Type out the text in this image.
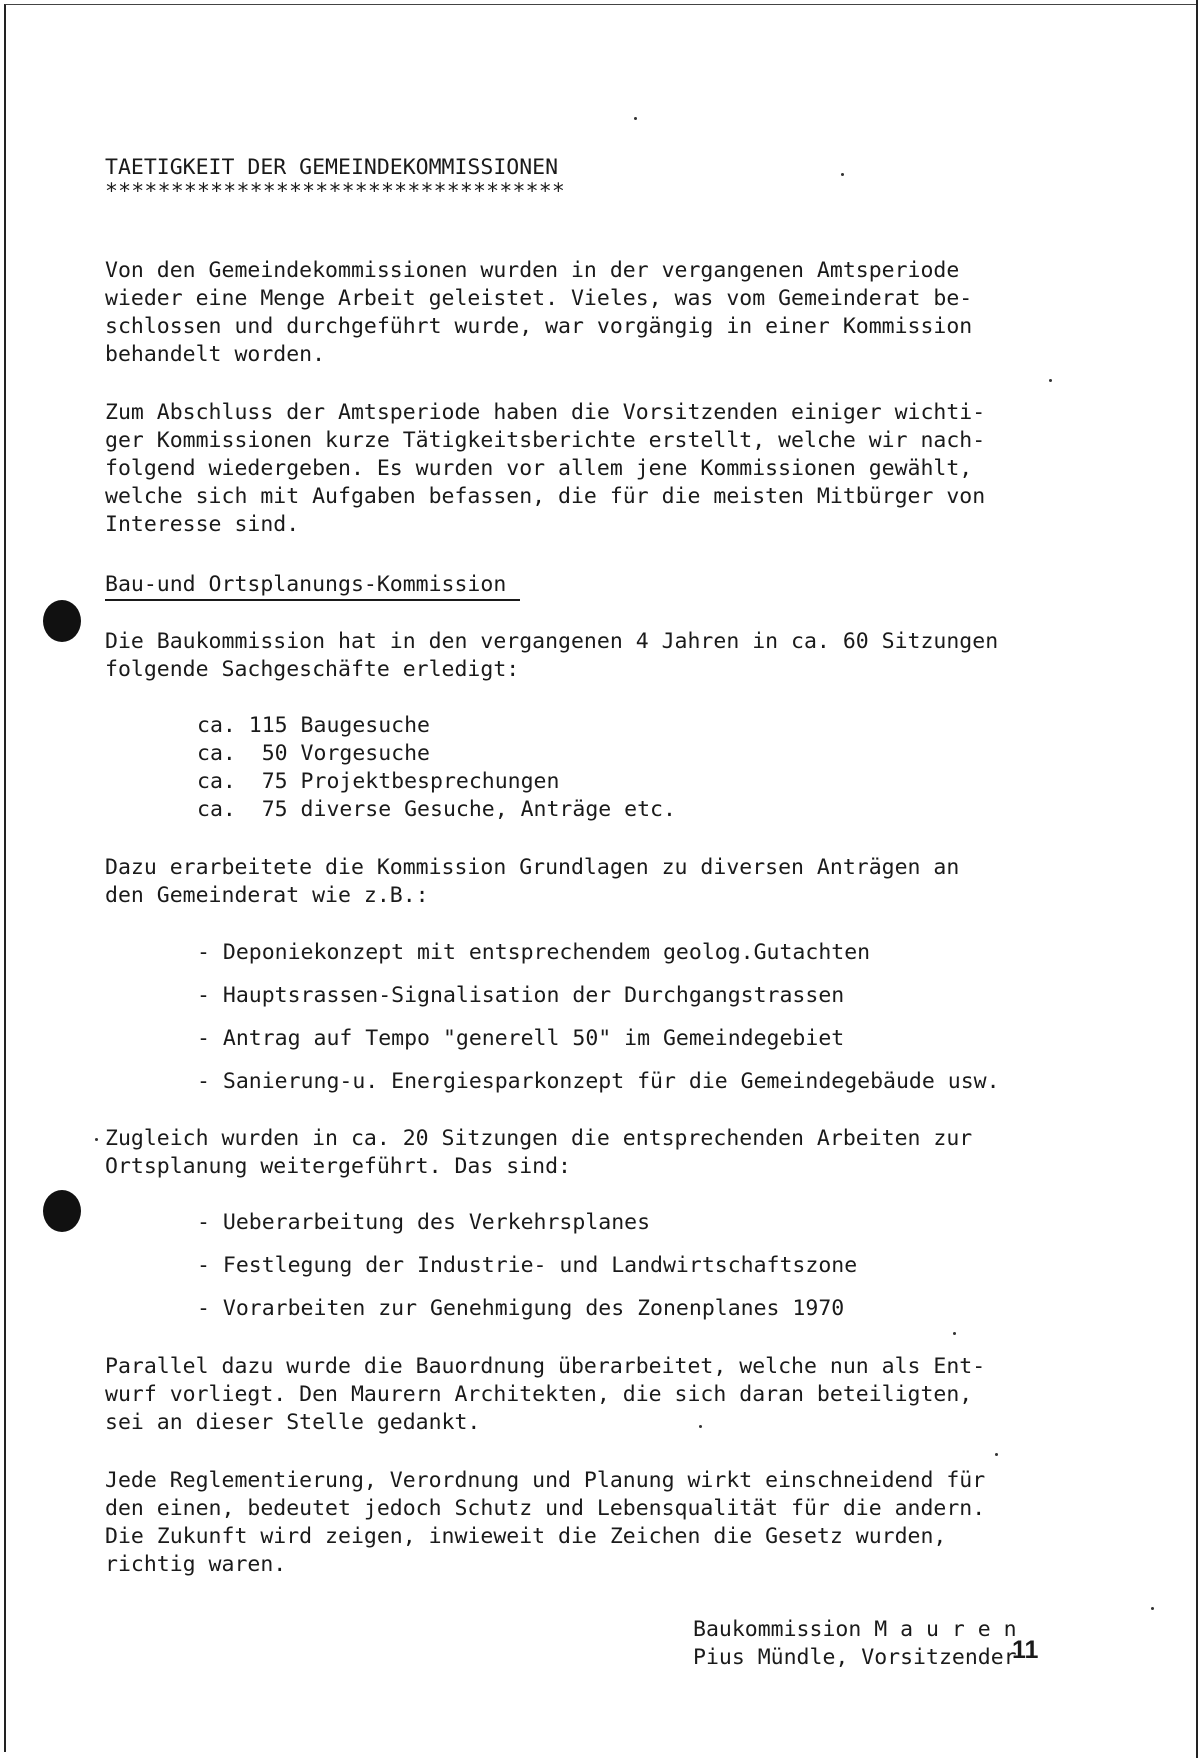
TAETIGKEIT DER GEMEINDEKOMMISSIONEN
***********************************
Von den Gemeindekommissionen wurden in der vergangenen Amtsperiode
wieder eine Menge Arbeit geleistet. Vieles, was vom Gemeinderat be-
schlossen und durchgeführt wurde, war vorgängig in einer Kommission
behandelt worden.
Zum Abschluss der Amtsperiode haben die Vorsitzenden einiger wichti-
ger Kommissionen kurze Tätigkeitsberichte erstellt, welche wir nach-
folgend wiedergeben. Es wurden vor allem jene Kommissionen gewählt,
welche sich mit Aufgaben befassen, die für die meisten Mitbürger von
Interesse sind.
Bau-und Ortsplanungs-Kommission
Die Baukommission hat in den vergangenen 4 Jahren in ca. 60 Sitzungen
folgende Sachgeschäfte erledigt:
ca. 115 Baugesuche
ca.  50 Vorgesuche
ca.  75 Projektbesprechungen
ca.  75 diverse Gesuche, Anträge etc.
Dazu erarbeitete die Kommission Grundlagen zu diversen Anträgen an
den Gemeinderat wie z.B.:
- Deponiekonzept mit entsprechendem geolog.Gutachten
- Hauptsrassen-Signalisation der Durchgangstrassen
- Antrag auf Tempo "generell 50" im Gemeindegebiet
- Sanierung-u. Energiesparkonzept für die Gemeindegebäude usw.
Zugleich wurden in ca. 20 Sitzungen die entsprechenden Arbeiten zur
Ortsplanung weitergeführt. Das sind:
- Ueberarbeitung des Verkehrsplanes
- Festlegung der Industrie- und Landwirtschaftszone
- Vorarbeiten zur Genehmigung des Zonenplanes 1970
Parallel dazu wurde die Bauordnung überarbeitet, welche nun als Ent-
wurf vorliegt. Den Maurern Architekten, die sich daran beteiligten,
sei an dieser Stelle gedankt.
Jede Reglementierung, Verordnung und Planung wirkt einschneidend für
den einen, bedeutet jedoch Schutz und Lebensqualität für die andern.
Die Zukunft wird zeigen, inwieweit die Zeichen die Gesetz wurden,
richtig waren.
Baukommission M a u r e n
Pius Mündle, Vorsitzender
11
